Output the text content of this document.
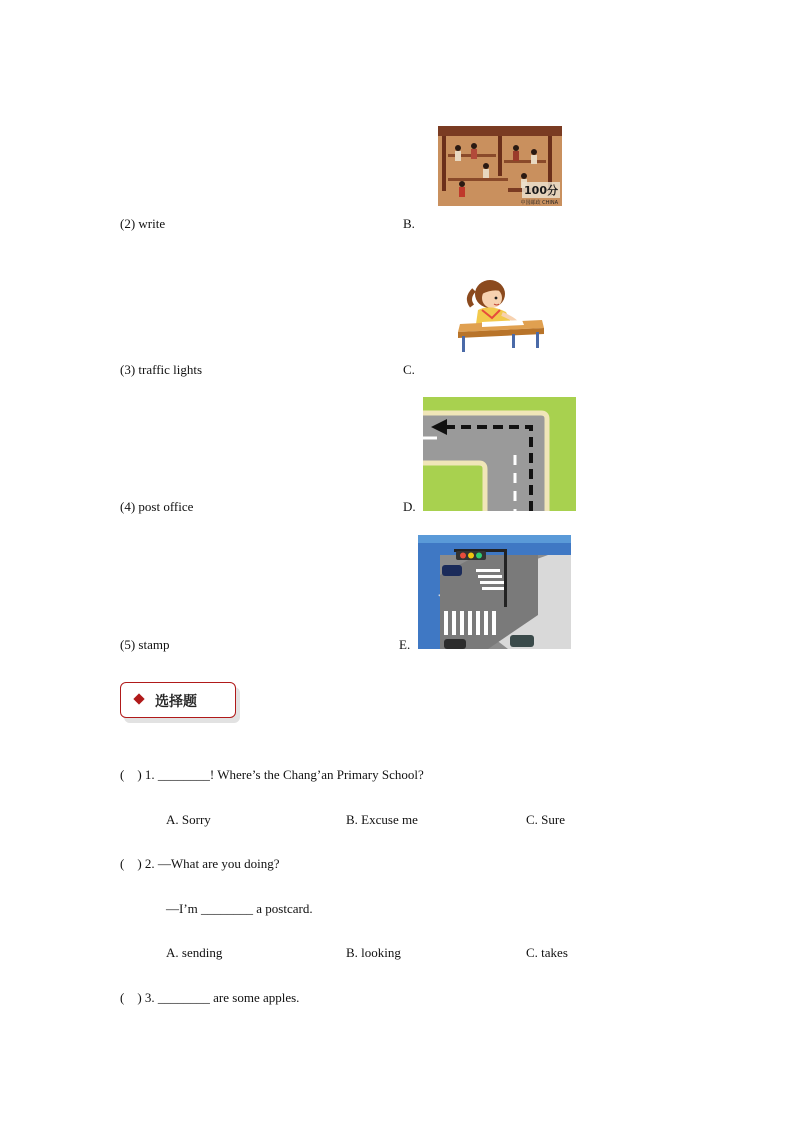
100分
中国邮政 CHINA
(2) write	B.
(3) traffic lights	C.
(4) post office	D.
(5) stamp	E.
选择题
(    ) 1. ________! Where’s the Chang’an Primary School?
A. Sorry	B. Excuse me	C. Sure
(    ) 2. —What are you doing?
—I’m ________ a postcard.
A. sending	B. looking	C. takes
(    ) 3. ________ are some apples.
